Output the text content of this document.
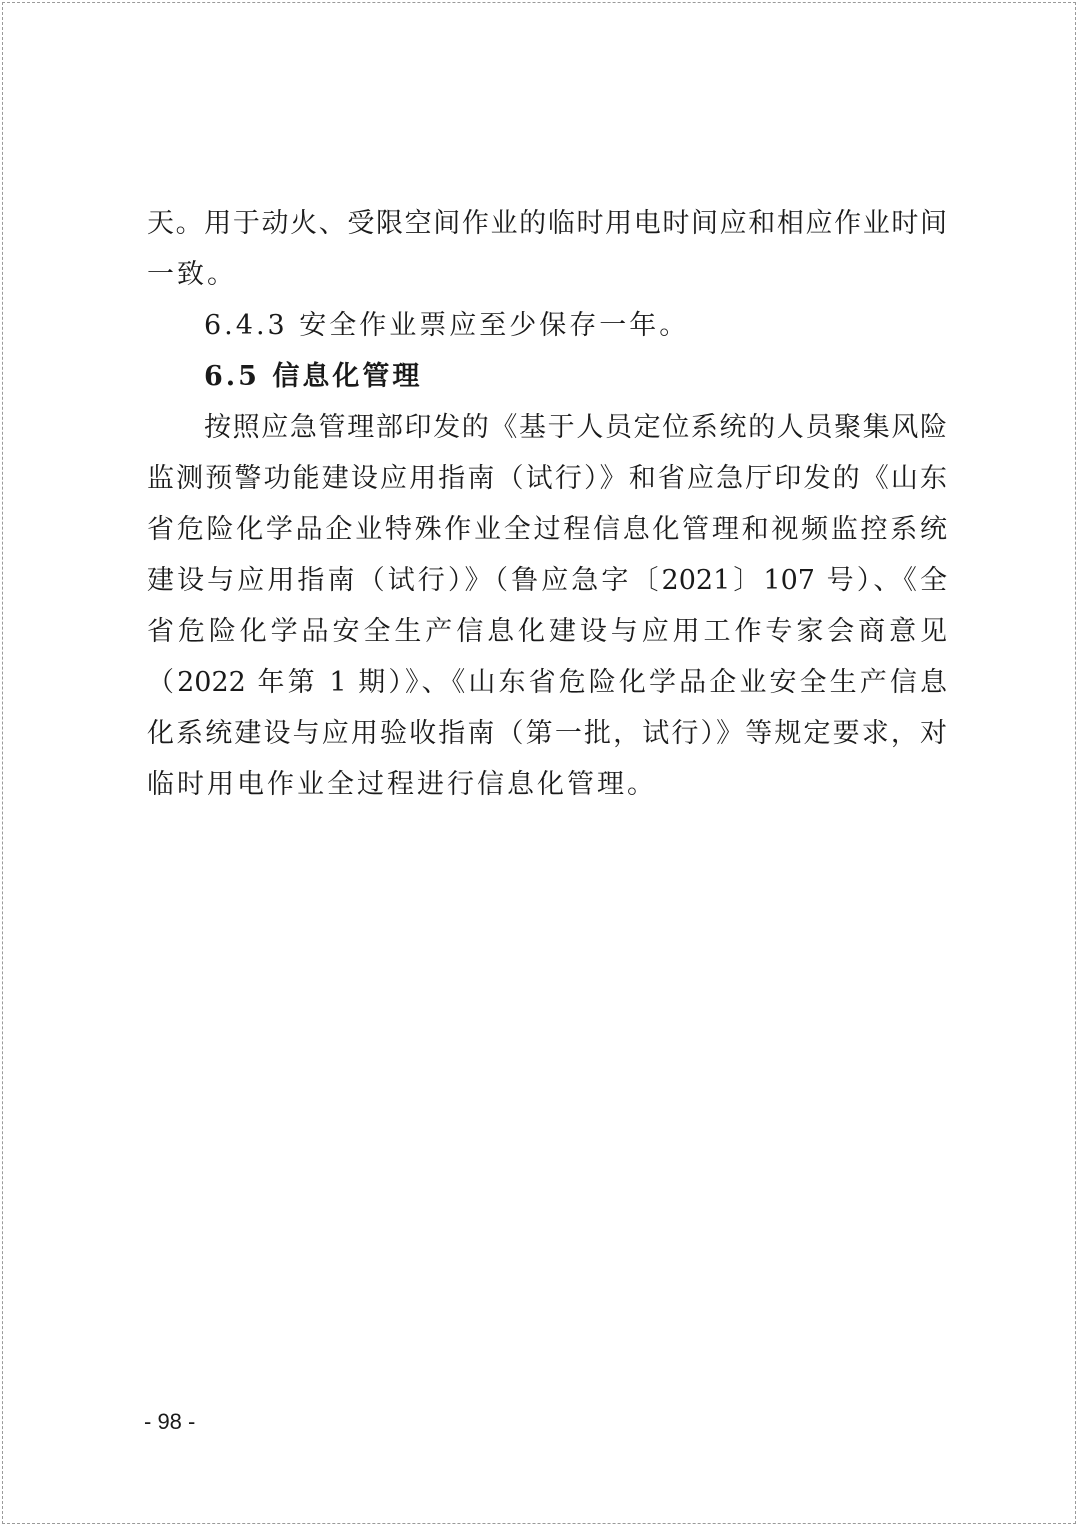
天。用于动火、受限空间作业的临时用电时间应和相应作业时间
一致。
6.4.3 安全作业票应至少保存一年。
6.5 信息化管理
按照应急管理部印发的《基于人员定位系统的人员聚集风险
监测预警功能建设应用指南（试行）》和省应急厅印发的《山东
省危险化学品企业特殊作业全过程信息化管理和视频监控系统
建设与应用指南（试行）》（鲁应急字〔2021〕107 号）、《全
省危险化学品安全生产信息化建设与应用工作专家会商意见
（2022 年第 1 期）》、《山东省危险化学品企业安全生产信息
化系统建设与应用验收指南（第一批，试行）》等规定要求，对
临时用电作业全过程进行信息化管理。
- 98 -
